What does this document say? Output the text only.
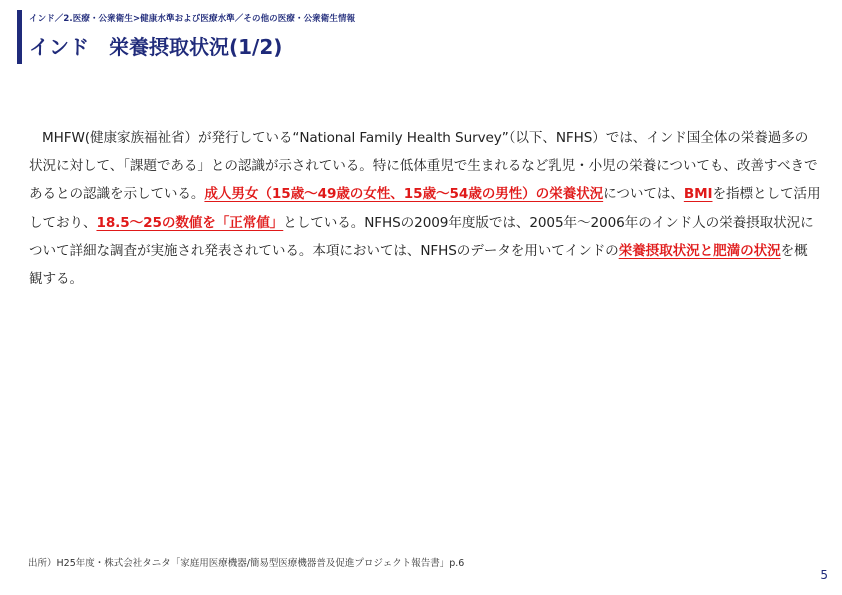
インド／2.医療・公衆衛生>健康水準および医療水準／その他の医療・公衆衛生情報
インド 栄養摂取状況(1/2)

MHFW(健康家族福祉省）が発行している“National Family Health Survey”（以下、NFHS）では、インド国全体の栄養過多の状況に対して、「課題である」との認識が示されている。特に低体重児で生まれるなど乳児・小児の栄養についても、改善すべきであるとの認識を示している。成人男女（15歳～49歳の女性、15歳～54歳の男性）の栄養状況については、BMIを指標として活用しており、18.5～25の数値を「正常値」としている。NFHSの2009年度版では、2005年～2006年のインド人の栄養摂取状況について詳細な調査が実施され発表されている。本項においては、NFHSのデータを用いてインドの栄養摂取状況と肥満の状況を概観する。

出所）H25年度・株式会社タニタ「家庭用医療機器/簡易型医療機器普及促進プロジェクト報告書」p.6
5
